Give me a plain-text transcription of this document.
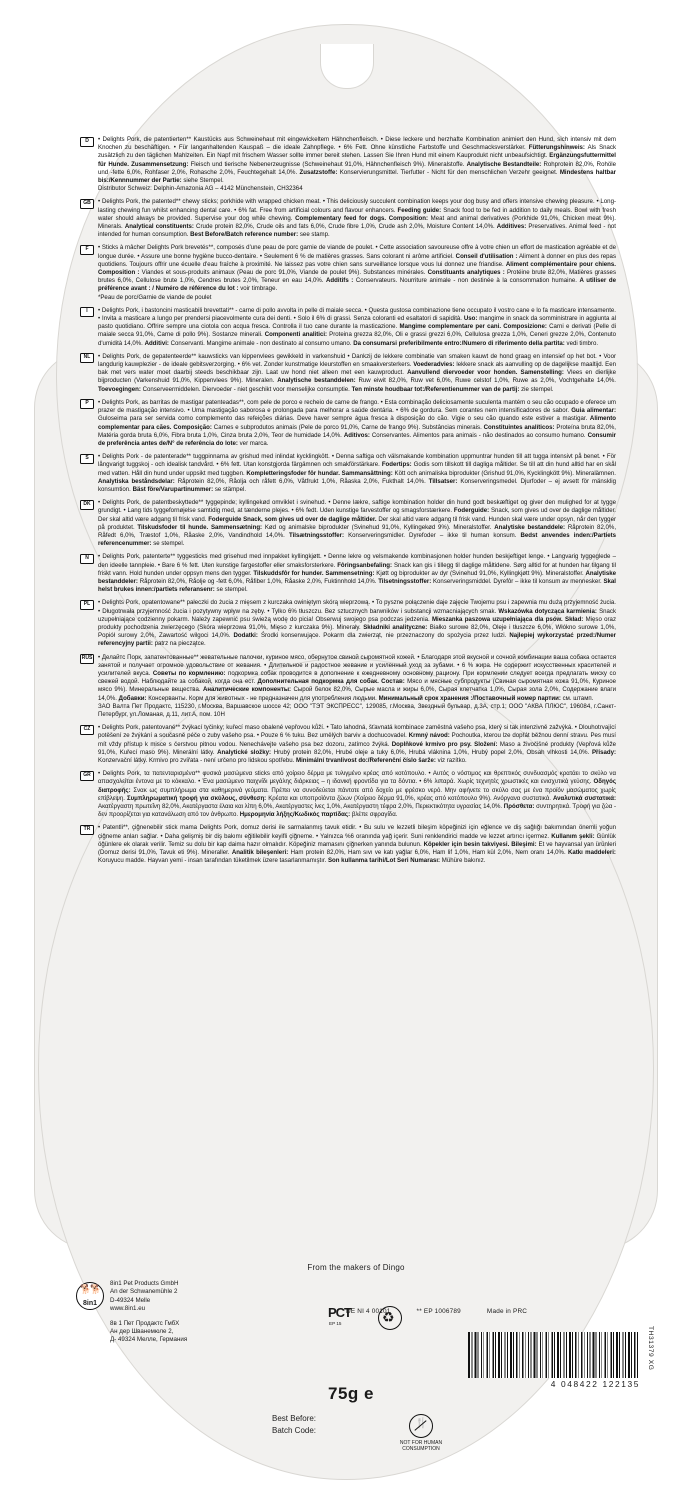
D	• Delights Pork, die patentierten** Kaustücks aus Schweinehaut mit eingewickeltem Hähnchenfleisch. • Diese leckere und herzhafte Kombination animiert den Hund, sich intensiv mit dem Knochen zu beschäftigen. • Für langanhaltenden Kauspaß – die ideale Zahnpflege. • 6% Fett. Ohne künstliche Farbstoffe und Geschmacksverstärker. Fütterungshinweis: Als Snack zusätzlich zu den täglichen Mahlzeiten. Ein Napf mit frischem Wasser sollte immer bereit stehen. Lassen Sie Ihren Hund mit einem Kauprodukt nicht unbeaufsichtigt. Ergänzungsfuttermittel für Hunde. Zusammensetzung: Fleisch und tierische Nebenerzeugnisse (Schweinehaut 91,0%, Hähnchenfleisch 9%). Mineralstoffe. Analytische Bestandteile: Rohprotein 82,0%, Rohöle und -fette 6,0%, Rohfaser 2,0%, Rohasche 2,0%, Feuchtegehalt 14,0%. Zusatzstoffe: Konservierungsmittel. Tierfutter - Nicht für den menschlichen Verzehr geeignet. Mindestens haltbar bis:/Kennnummer der Partie: siehe Stempel.
Distributor Schweiz: Delphin-Amazonia AG – 4142 Münchenstein, CH32364
GB	• Delights Pork, the patented** chewy sticks; porkhide with wrapped chicken meat. • This deliciously succulent combination keeps your dog busy and offers intensive chewing pleasure. • Long-lasting chewing fun whilst enhancing dental care. • 6% fat. Free from artificial colours and flavour enhancers. Feeding guide: Snack food to be fed in addition to daily meals. Bowl with fresh water should always be provided. Supervise your dog while chewing. Complementary feed for dogs. Composition: Meat and animal derivatives (Porkhide 91,0%, Chicken meat 9%). Minerals. Analytical constituents: Crude protein 82,0%, Crude oils and fats 6,0%, Crude fibre 1,0%, Crude ash 2,0%, Moisture Content 14,0%. Additives: Preservatives. Animal feed - not intended for human consumption. Best Before/Batch reference number: see stamp.
F	• Sticks à mâcher Delights Pork brevetés**, composés d'une peau de porc garnie de viande de poulet. • Cette association savoureuse offre à votre chien un effort de mastication agréable et de longue durée. • Assure une bonne hygiène bucco-dentaire. • Seulement 6 % de matières grasses. Sans colorant ni arôme artificiel. Conseil d'utilisation : Aliment à donner en plus des repas quotidiens. Toujours offrir une écuelle d'eau fraîche à proximité. Ne laissez pas votre chien sans surveillance lorsque vous lui donnez une friandise. Aliment complémentaire pour chiens. Composition : Viandes et sous-produits animaux (Peau de porc 91,0%, Viande de poulet 9%). Substances minérales. Constituants analytiques : Protéine brute 82,0%, Matières grasses brutes 6,0%, Cellulose brute 1,0%, Cendres brutes 2,0%, Teneur en eau 14,0%. Additifs : Conservateurs. Nourriture animale - non destinée à la consommation humaine. A utiliser de préférence avant : / Numéro de référence du lot : voir timbrage.
*Peau de porc/Garnie de viande de poulet
I	• Delights Pork, i bastoncini masticabili brevettati** - carne di pollo avvolta in pelle di maiale secca. • Questa gustosa combinazione tiene occupato il vostro cane e lo fa masticare intensamente. • Invita a masticare a lungo per prendersi piacevolmente cura dei denti. • Solo il 6% di grassi. Senza coloranti ed esaltatori di sapidità. Uso: mangime in snack da somministrare in aggiunta al pasto quotidiano. Offrire sempre una ciotola con acqua fresca. Controlla il tuo cane durante la masticazione. Mangime complementare per cani. Composizione: Carni e derivati (Pelle di maiale secca 91,0%, Carne di pollo 9%). Sostanze minerali. Componenti analitici: Proteina grezza 82,0%, Oli e grassi grezzi 6,0%, Cellulosa grezza 1,0%, Ceneri grezze 2,0%, Contenuto d'umidità 14,0%. Additivi: Conservanti. Mangime animale - non destinato al consumo umano. Da consumarsi preferibilmente entro:/Numero di riferimento della partita: vedi timbro.
NL	• Delights Pork, de gepatenteerde** kauwsticks van kippenvlees gewikkeld in varkenshuid • Dankzij de lekkere combinatie van smaken kauwt de hond graag en intensief op het bot. • Voor langdurig kauwplezier - de ideale gebitsverzorging. • 6% vet. Zonder kunstmatige kleurstoffen en smaakversterkers. Voederadvies: lekkere snack als aanvulling op de dagelijkse maaltijd. Een bak met vers water moet daarbij steeds beschikbaar zijn. Laat uw hond niet alleen met een kauwproduct. Aanvullend diervoeder voor honden. Samenstelling: Vlees en dierlijke bijproducten (Varkenshuid 91,0%, Kippenvlees 9%). Mineralen. Analytische bestanddelen: Ruw eiwit 82,0%, Ruw vet 6,0%, Ruwe celstof 1,0%, Ruwe as 2,0%, Vochtgehalte 14,0%. Toevoegingen: Conserveermiddelen. Diervoeder - niet geschikt voor menselijke consumptie. Ten minste houdbaar tot:/Referentienummer van de partij: zie stempel.
P	• Delights Pork, as barritas de mastigar patenteadas**, com pele de porco e recheio de carne de frango. • Esta combinação deliciosamente suculenta mantém o seu cão ocupado e oferece um prazer de mastigação intensivo. • Uma mastigação saborosa e prolongada para melhorar a saúde dentária. • 6% de gordura. Sem corantes nem intensificadores de sabor. Guia alimentar: Guloseima para ser servida como complemento das refeições diárias. Deve haver sempre água fresca à disposição do cão. Vigie o seu cão quando este estiver a mastigar. Alimento complementar para cães. Composição: Carnes e subprodutos animais (Pele de porco 91,0%, Carne de frango 9%). Substâncias minerais. Constituintes analíticos: Proteína bruta 82,0%, Matéria gorda bruta 6,0%, Fibra bruta 1,0%, Cinza bruta 2,0%, Teor de humidade 14,0%. Aditivos: Conservantes. Alimentos para animais - não destinados ao consumo humano. Consumir de preferência antes de/N° de referência do lote: ver marca.
S	• Delights Pork - de patenterade** tuggpinnarna av grishud med inlindat kycklingkött. • Denna saftiga och välsmakande kombination uppmuntrar hunden till att tugga intensivt på benet. • För långvarigt tuggskoj - och idealisk tandvård. • 6% fett. Utan konstgjorda färgämnen och smakförstärkare. Fodertips: Godis som tillskott till dagliga måltider. Se till att din hund alltid har en skål med vatten. Håll din hund under uppsikt med tuggben. Kompletteringsfoder för hundar. Sammansättning: Kött och animaliska biprodukter (Grishud 91,0%, Kycklingkött 9%). Mineralämnen. Analytiska beståndsdelar: Råprotein 82,0%, Råolja och råfett 6,0%, Våtfrukt 1,0%, Råaska 2,0%, Fukthalt 14,0%. Tillsatser: Konserveringsmedel. Djurfoder – ej avsett för mänsklig konsumtion. Bäst före/Varupartinummer: se stämpel.
DK	• Delights Pork, de patentbeskyttede** tyggepinde; kyllingekød omviklet i svinehud. • Denne lækre, saftige kombination holder din hund godt beskæftiget og giver den mulighed for at tygge grundigt. • Lang tids tyggefornøjelse samtidig med, at tænderne plejes. • 6% fedt. Uden kunstige farvestoffer og smagsforstærkere. Foderguide: Snack, som gives ud over de daglige måltider. Der skal altid være adgang til frisk vand. Foderguide Snack, som gives ud over de daglige måltider. Der skal altid være adgang til frisk vand. Hunden skal være under opsyn, når den tygger på produktet. Tilskudsfoder til hunde. Sammensætning: Kød og animalske biprodukter (Svinehud 91,0%, Kyllingekød 9%). Mineralstoffer. Analytiske bestanddele: Råprotein 82,0%, Råfedt 6,0%, Træstof 1,0%, Råaske 2,0%, Vandindhold 14,0%. Tilsætningsstoffer: Konserveringsmidler. Dyrefoder – ikke til human konsum. Bedst anvendes inden:/Partiets referencenummer: se stempel.
N	• Delights Pork, patenterte** tyggesticks med grisehud med innpakket kyllingkjøtt. • Denne lekre og velsmakende kombinasjonen holder hunden beskjeftiget lenge. • Langvarig tyggeglede – den ideelle tannpleie. • Bare 6 % fett. Uten kunstige fargestoffer eller smaksforsterkere. Fôringsanbefaling: Snack kan gis i tillegg til daglige måltidene. Sørg alltid for at hunden har tilgang til friskt vann. Hold hunden under oppsyn mens den tygger. Tilskuddsfôr for hunder. Sammensetning: Kjøtt og biprodukter av dyr (Svinehud 91,0%, Kyllingkjøtt 9%). Mineralstoffer. Analytiske bestanddeler: Råprotein 82,0%, Råolje og -fett 6,0%, Råfiber 1,0%, Råaske 2,0%, Fuktinnhold 14,0%. Tilsetningsstoffer: Konserveringsmiddel. Dyrefôr – ikke til konsum av mennesker. Skal helst brukes innen:/partiets referansenr: se stempel.
PL	• Delights Pork, opatentowane** pałeczki do żucia z mięsem z kurczaka owiniętym skórą wieprzową. • To pyszne połączenie daje zajęcie Twojemu psu i zapewnia mu dużą przyjemność żucia. • Długotrwała przyjemność żucia i pozytywny wpływ na zęby. • Tylko 6% tłuszczu. Bez sztucznych barwników i substancji wzmacniających smak. Wskazówka dotycząca karmienia: Snack uzupełniające codzienny pokarm. Należy zapewnić psu świeżą wodę do picia! Obserwuj swojego psa podczas jedzenia. Mieszanka paszowa uzupełniająca dla psów. Skład: Mięso oraz produkty pochodzenia zwierzęcego (Skóra wieprzowa 91,0%, Mięso z kurczaka 9%). Minerały. Składniki analityczne: Białko surowe 82,0%, Oleje i tłuszcze 6,0%, Włókno surowe 1,0%, Popiół surowy 2,0%, Zawartość wilgoci 14,0%. Dodatki: Środki konserwujące. Pokarm dla zwierząt, nie przeznaczony do spożycia przez ludzi. Najlepiej wykorzystać przed:/Numer referencyjny partii: patrz na pieczątce.
RUS • Делайтс Порк, запатентованные** жевательные палочки, куриное мясо, обернутое свиной сыромятной кожей. • Благодаря этой вкусной и сочной комбинации ваша собака остается занятой и получает огромное удовольствие от жевания. • Длительное и радостное жевание и усиленный уход за зубами. • 6 % жира. Не содержит искусственных красителей и усилителей вкуса. Советы по кормлению: подкормка собак проводится в дополнение к ежедневному основному рациону. При кормлении следует всегда предлагать миску со свежей водой. Наблюдайте за собакой, когда она ест. Дополнительная подкормка для собак. Состав: Мясо и мясные субпродукты (Свиная сыромятная кожа 91,0%, Куриное мясо 9%). Минеральные вещества. Аналитические компоненты: Сырой белок 82,0%, Сырые масла и жиры 6,0%, Сырая клетчатка 1,0%, Сырая зола 2,0%, Содержание влаги 14,0%. Добавки: Консерванты. Корм для животных - не предназначен для употребления людьми. Минимальный срок хранения :/Поставочный номер партии: см. штамп.
ЗАО Валта Пет Продактс, 115230, г.Москва, Варшавское шоссе 42; ООО "ТЭТ ЭКСПРЕСС", 129085, г.Москва, Звездный бульвар, д.3А, стр.1; ООО "АКВА ПЛЮС", 196084, г.Санкт-Петербург, ул.Ломаная, д.11, лит.А, пом. 10Н
CZ	• Delights Pork, patentované** žvýkací tyčinky; kuřecí maso obalené vepřovou kůží. • Tato lahodná, šťavnatá kombinace zaměstná vašeho psa, který si tak intenzivně zažvýká. • Dlouhotrvající potěšení ze žvýkání a současně péče o zuby vašeho psa. • Pouze 6 % tuku. Bez umělých barviv a dochucovadel. Krmný návod: Pochoutka, kterou lze dopřát běžnou denní stravu. Pes musí mít vždy přístup k misce s čerstvou pitnou vodou. Nenechávejte vašeho psa bez dozoru, zatímco žvýká. Doplňkové krmivo pro psy. Složení: Maso a živočišné produkty (Vepřová kůže 91,0%, Kuřecí maso 9%). Minerální látky. Analytické složky: Hrubý protein 82,0%, Hrubé oleje a tuky 6,0%, Hrubá vláknina 1,0%, Hrubý popel 2,0%, Obsah vlhkosti 14,0%. Přísady: Konzervační látky. Krmivo pro zvířata - není určeno pro lidskou spotřebu. Minimální trvanlivost do:/Referenční číslo šarže: viz razítko.
GR	• Delights Pork, τα πατενταρισμένα** φυσικά μασώμενα sticks από χοίρειο δέρμα με τυλιγμένο κρέας από κοτόπουλο. • Αυτός ο νόστιμος και θρεπτικός συνδυασμός κρατάει το σκύλο να απασχολείται έντονα με το κόκκαλο. • Ένα μασώμενο παιχνίδι μεγάλης διάρκειας – η ιδανική φροντίδα για τα δόντια. • 6% λιπαρά. Χωρίς τεχνητές χρωστικές και ενισχυτικά γεύσης. Οδηγός διατροφής: Σνακ ως συμπλήρωμα στα καθημερινά γεύματα. Πρέπει να συνοδεύεται πάντοτε από δοχείο με φρέσκο νερό. Μην αφήνετε το σκύλο σας με ένα προϊόν μασώματος χωρίς επίβλεψη. Συμπληρωματική τροφή για σκύλους, σύνθεση: Κρέατα και υποπροϊόντα ζώων (Χοίρειο δέρμα 91,0%, κρέας από κοτόπουλο 9%). Ανόργανα συστατικά. Αναλυτικά συστατικά: Ακατέργαστη πρωτεΐνη 82,0%, Ακατέργαστα έλαια και λίπη 6,0%, Ακατέργαστες ίνες 1,0%, Ακατέργαστη τέφρα 2,0%, Περιεκτικότητα υγρασίας 14,0%. Πρόσθετα: συντηρητικά. Τροφή για ζώα - δεν προορίζεται για κατανάλωση από τον άνθρωπο. Ημερομηνία λήξης/Κωδικός παρτίδας: βλέπε σφραγίδα.
TR	• Patentli**, çiğnenebilir stick mama Delights Pork, domuz derisi ile sarmalanmış tavuk etidir. • Bu sulu ve lezzetli bileşim köpeğinizi için eğlence ve diş sağlığı bakımından önemli yoğun çiğneme anları sağlar. • Daha gelişmiş bir diş bakımı eğitilebilir keyifli çiğneme. • Yalnızca %6 oranında yağ içerir. Suni renklendirici madde ve lezzet artırıcı içermez. Kullanım şekli: Günlük öğünlere ek olarak verilir. Temiz su dolu bir kap daima hazır olmalıdır. Köpeğiniz mamasını çiğnerken yanında bulunun. Köpekler için besin takviyesi. Bileşimi: Et ve hayvansal yan ürünleri (Domuz derisi 91,0%, Tavuk eti 9%). Mineraller. Analitik bileşenleri: Ham protein 82,0%, Ham sıvı ve katı yağlar 6,0%, Ham lif 1,0%, Ham kül 2,0%, Nem oranı 14,0%. Katkı maddeleri: Koruyucu madde. Hayvan yemi - insan tarafından tüketilmek üzere tasarlanmamıştır. Son kullanma tarihi/Lot Seri Numarası: Mühüre bakınız.
From the makers of Dingo
🐕🐕
8in1
8in1 Pet Products GmbH
An der Schwanemühle 2
D-49324 Melle
www.8in1.eu
8в 1 Пет Продактс ГмбХ
Ан дер Шванемюле 2,
Д- 49324 Мелле, Германия
PCT
EP 15
♻
75g e
🍴
NOT FOR HUMAN CONSUMPTION
DE NI 4 00101	** EP 1006789	Made in PRC
4 048422 122135
TH31379 XG
Best Before:
Batch Code:
